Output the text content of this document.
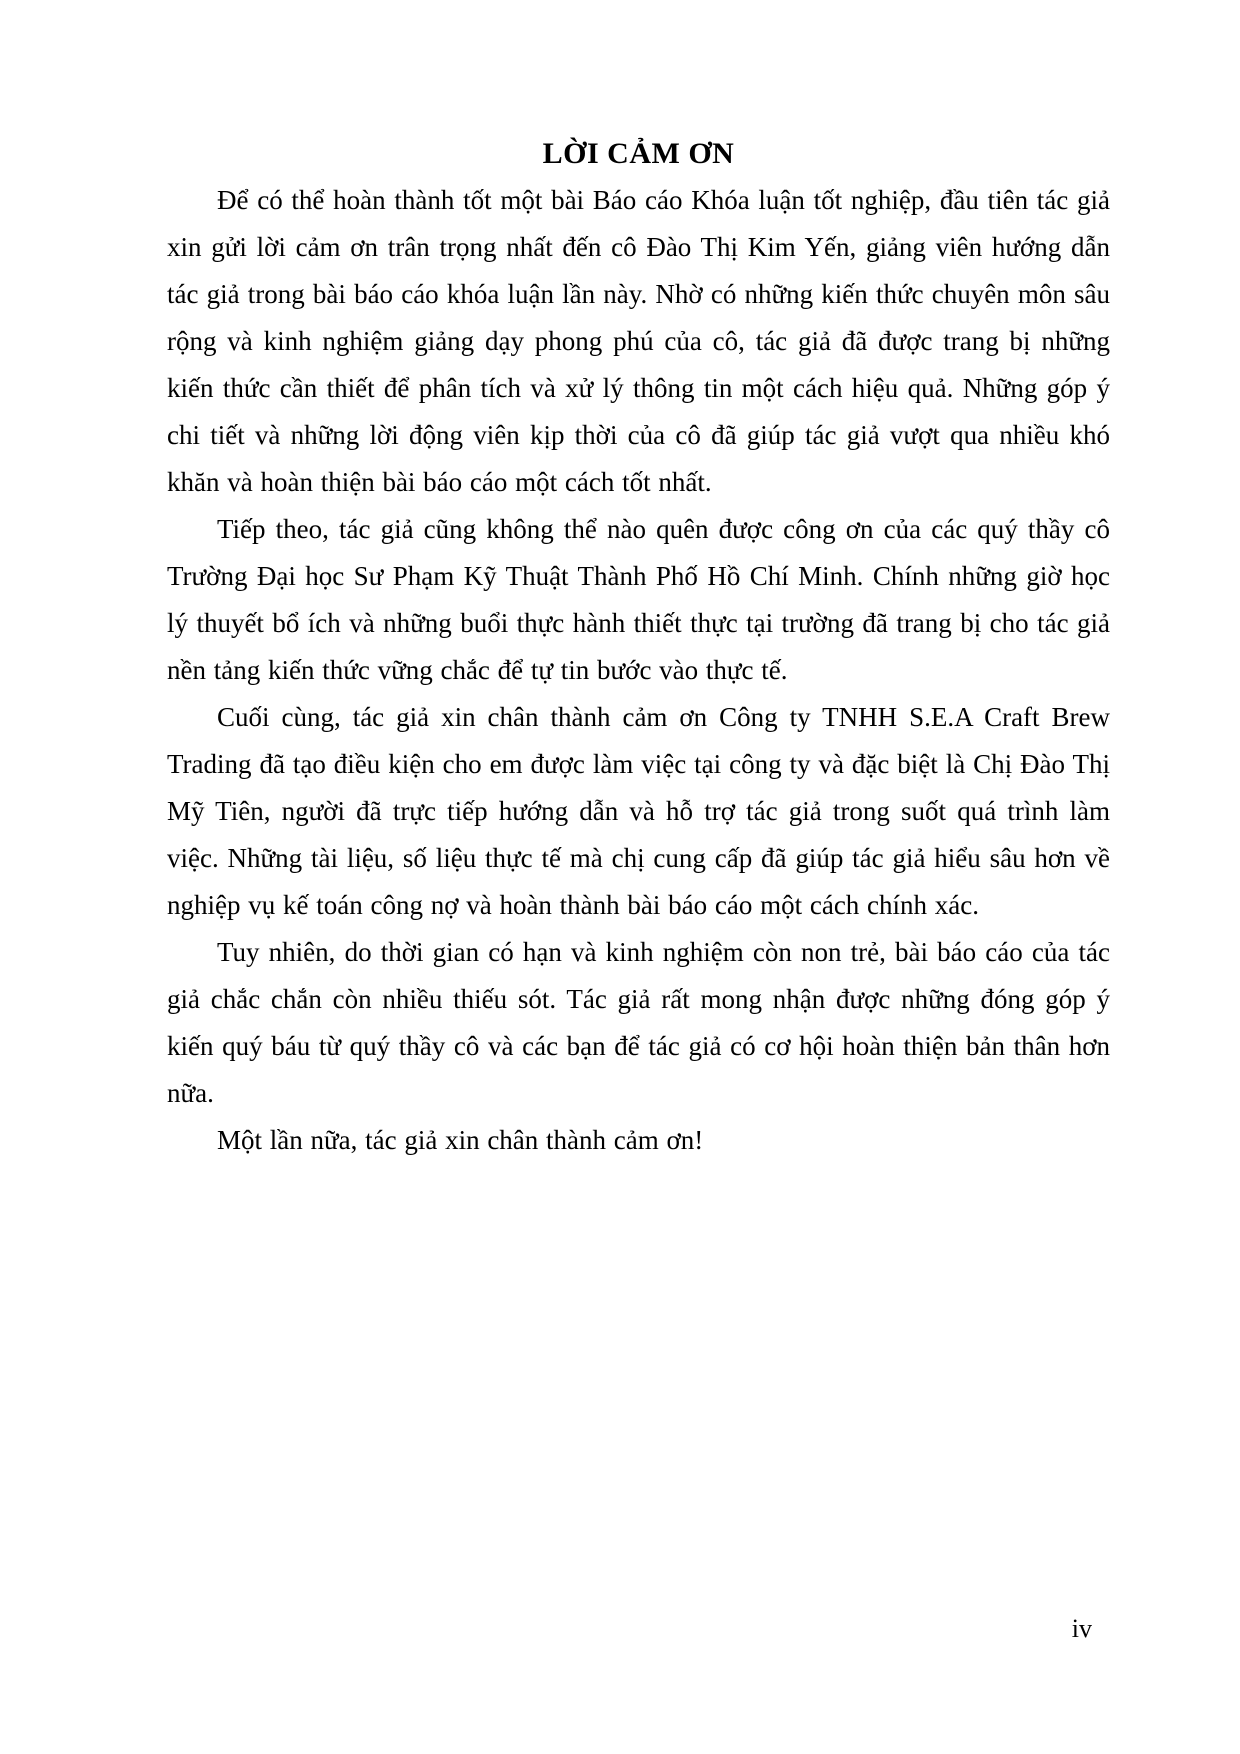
LỜI CẢM ƠN

Để có thể hoàn thành tốt một bài Báo cáo Khóa luận tốt nghiệp, đầu tiên tác giả xin gửi lời cảm ơn trân trọng nhất đến cô Đào Thị Kim Yến, giảng viên hướng dẫn tác giả trong bài báo cáo khóa luận lần này. Nhờ có những kiến thức chuyên môn sâu rộng và kinh nghiệm giảng dạy phong phú của cô, tác giả đã được trang bị những kiến thức cần thiết để phân tích và xử lý thông tin một cách hiệu quả. Những góp ý chi tiết và những lời động viên kịp thời của cô đã giúp tác giả vượt qua nhiều khó khăn và hoàn thiện bài báo cáo một cách tốt nhất.

Tiếp theo, tác giả cũng không thể nào quên được công ơn của các quý thầy cô Trường Đại học Sư Phạm Kỹ Thuật Thành Phố Hồ Chí Minh. Chính những giờ học lý thuyết bổ ích và những buổi thực hành thiết thực tại trường đã trang bị cho tác giả nền tảng kiến thức vững chắc để tự tin bước vào thực tế.

Cuối cùng, tác giả xin chân thành cảm ơn Công ty TNHH S.E.A Craft Brew Trading đã tạo điều kiện cho em được làm việc tại công ty và đặc biệt là Chị Đào Thị Mỹ Tiên, người đã trực tiếp hướng dẫn và hỗ trợ tác giả trong suốt quá trình làm việc. Những tài liệu, số liệu thực tế mà chị cung cấp đã giúp tác giả hiểu sâu hơn về nghiệp vụ kế toán công nợ và hoàn thành bài báo cáo một cách chính xác.

Tuy nhiên, do thời gian có hạn và kinh nghiệm còn non trẻ, bài báo cáo của tác giả chắc chắn còn nhiều thiếu sót. Tác giả rất mong nhận được những đóng góp ý kiến quý báu từ quý thầy cô và các bạn để tác giả có cơ hội hoàn thiện bản thân hơn nữa.

Một lần nữa, tác giả xin chân thành cảm ơn!

iv
